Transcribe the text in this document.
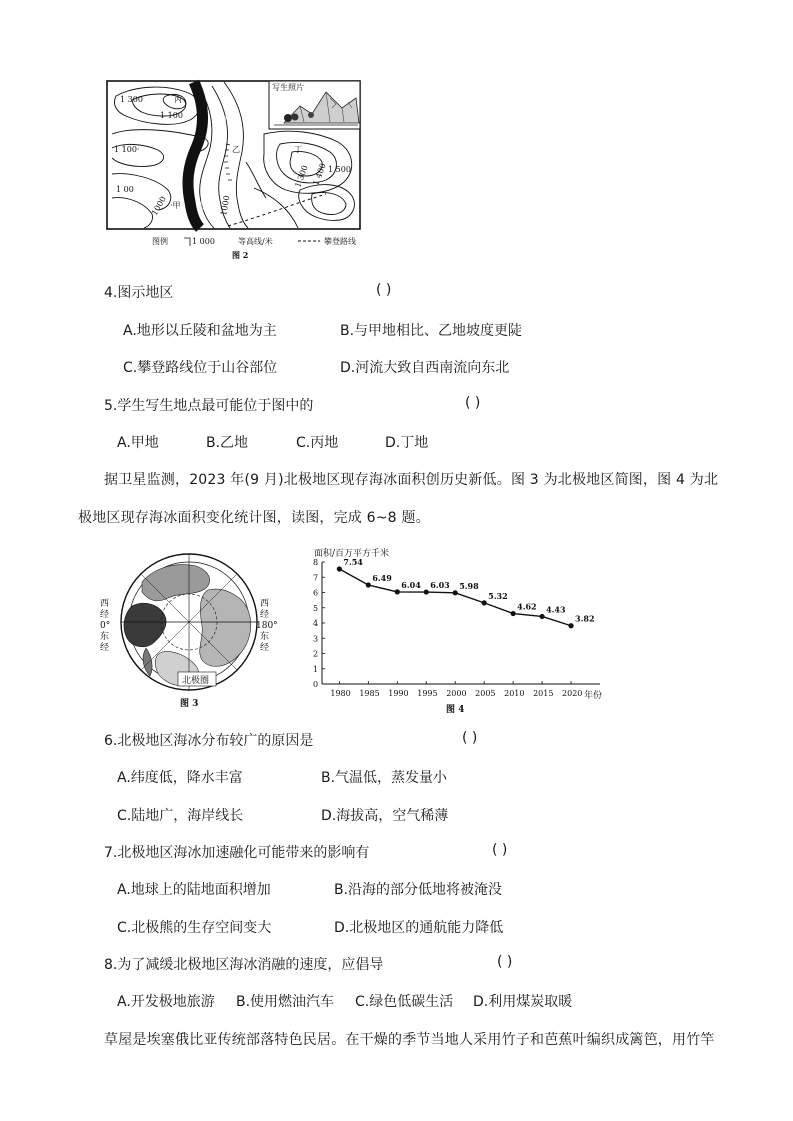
1 300	丙
1 100
1 100·
河
乙	丁
1 00
1 500
1 300 1 400
·甲 流
1000	1000
写生照片
图例	1 000	等高线/米	攀登路线
图 2
4.图示地区	( )
A.地形以丘陵和盆地为主	B.与甲地相比、乙地坡度更陡
C.攀登路线位于山谷部位	D.河流大致自西南流向东北
5.学生写生地点最可能位于图中的	( )
A.甲地	B.乙地	C.丙地	D.丁地
据卫星监测，2023 年(9 月)北极地区现存海冰面积创历史新低。图 3 为北极地区简图，图 4 为北
极地区现存海冰面积变化统计图，读图，完成 6~8 题。
北极圈
西
经
0°
东
经
西
经
180°
东
经
图 3
面积/百万平方千米
年份
图 4
0
1
2
3
4
5
6
7
8
1980 1985 1990 1995 2000 2005 2010 2015 2020
7.54
6.49
6.04 6.03 5.98
5.32
4.62 4.43
3.82
6.北极地区海冰分布较广的原因是	( )
A.纬度低，降水丰富	B.气温低，蒸发量小
C.陆地广，海岸线长	D.海拔高，空气稀薄
7.北极地区海冰加速融化可能带来的影响有	( )
A.地球上的陆地面积增加	B.沿海的部分低地将被淹没
C.北极熊的生存空间变大	D.北极地区的通航能力降低
8.为了减缓北极地区海冰消融的速度，应倡导	( )
A.开发极地旅游 B.使用燃油汽车 C.绿色低碳生活 D.利用煤炭取暖
草屋是埃塞俄比亚传统部落特色民居。在干燥的季节当地人采用竹子和芭蕉叶编织成篱笆，用竹竿
